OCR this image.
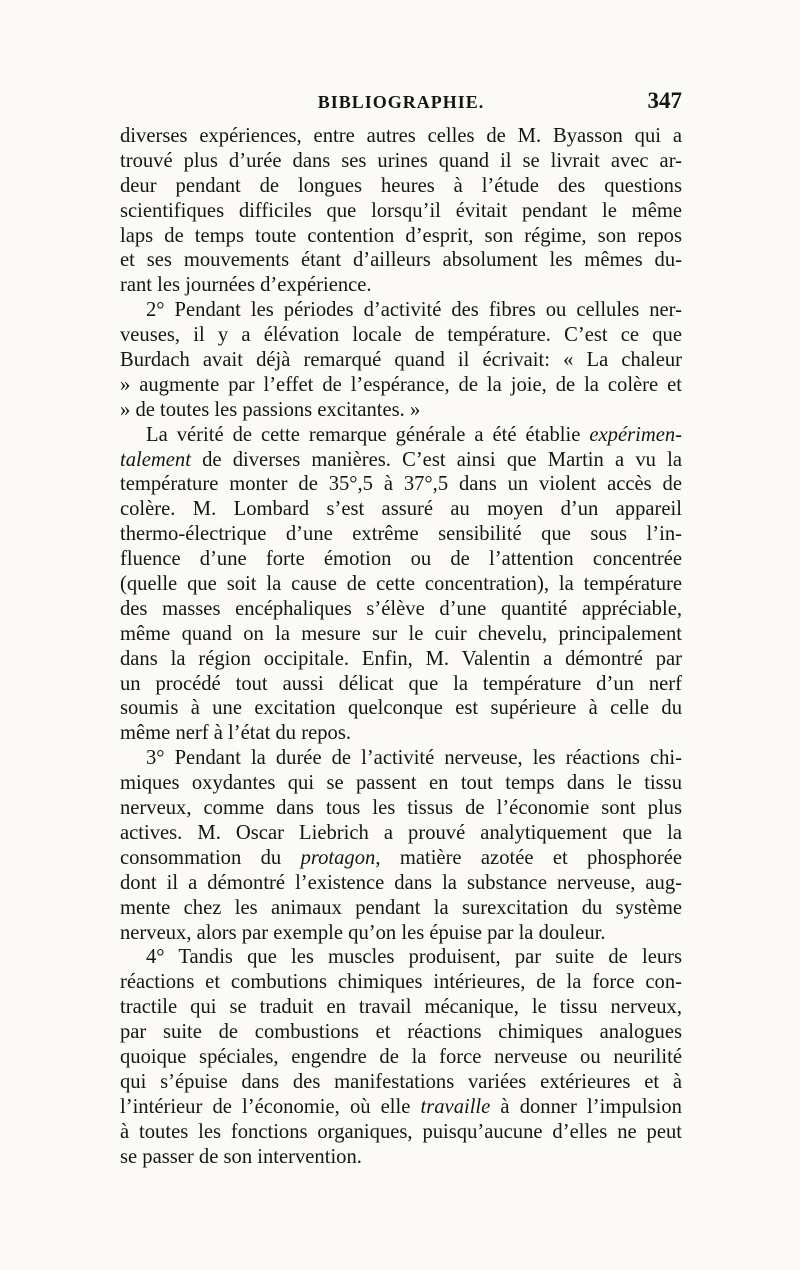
BIBLIOGRAPHIE.	347
diverses expériences, entre autres celles de M. Byasson qui a
trouvé plus d’urée dans ses urines quand il se livrait avec ar-
deur pendant de longues heures à l’étude des questions
scientifiques difficiles que lorsqu’il évitait pendant le même
laps de temps toute contention d’esprit, son régime, son repos
et ses mouvements étant d’ailleurs absolument les mêmes du-
rant les journées d’expérience.
2° Pendant les périodes d’activité des fibres ou cellules ner-
veuses, il y a élévation locale de température. C’est ce que
Burdach avait déjà remarqué quand il écrivait: « La chaleur
» augmente par l’effet de l’espérance, de la joie, de la colère et
» de toutes les passions excitantes. »
La vérité de cette remarque générale a été établie expérimen-
talement de diverses manières. C’est ainsi que Martin a vu la
température monter de 35°,5 à 37°,5 dans un violent accès de
colère. M. Lombard s’est assuré au moyen d’un appareil
thermo-électrique d’une extrême sensibilité que sous l’in-
fluence d’une forte émotion ou de l’attention concentrée
(quelle que soit la cause de cette concentration), la température
des masses encéphaliques s’élève d’une quantité appréciable,
même quand on la mesure sur le cuir chevelu, principalement
dans la région occipitale. Enfin, M. Valentin a démontré par
un procédé tout aussi délicat que la température d’un nerf
soumis à une excitation quelconque est supérieure à celle du
même nerf à l’état du repos.
3° Pendant la durée de l’activité nerveuse, les réactions chi-
miques oxydantes qui se passent en tout temps dans le tissu
nerveux, comme dans tous les tissus de l’économie sont plus
actives. M. Oscar Liebrich a prouvé analytiquement que la
consommation du protagon, matière azotée et phosphorée
dont il a démontré l’existence dans la substance nerveuse, aug-
mente chez les animaux pendant la surexcitation du système
nerveux, alors par exemple qu’on les épuise par la douleur.
4° Tandis que les muscles produisent, par suite de leurs
réactions et combutions chimiques intérieures, de la force con-
tractile qui se traduit en travail mécanique, le tissu nerveux,
par suite de combustions et réactions chimiques analogues
quoique spéciales, engendre de la force nerveuse ou neurilité
qui s’épuise dans des manifestations variées extérieures et à
l’intérieur de l’économie, où elle travaille à donner l’impulsion
à toutes les fonctions organiques, puisqu’aucune d’elles ne peut
se passer de son intervention.
